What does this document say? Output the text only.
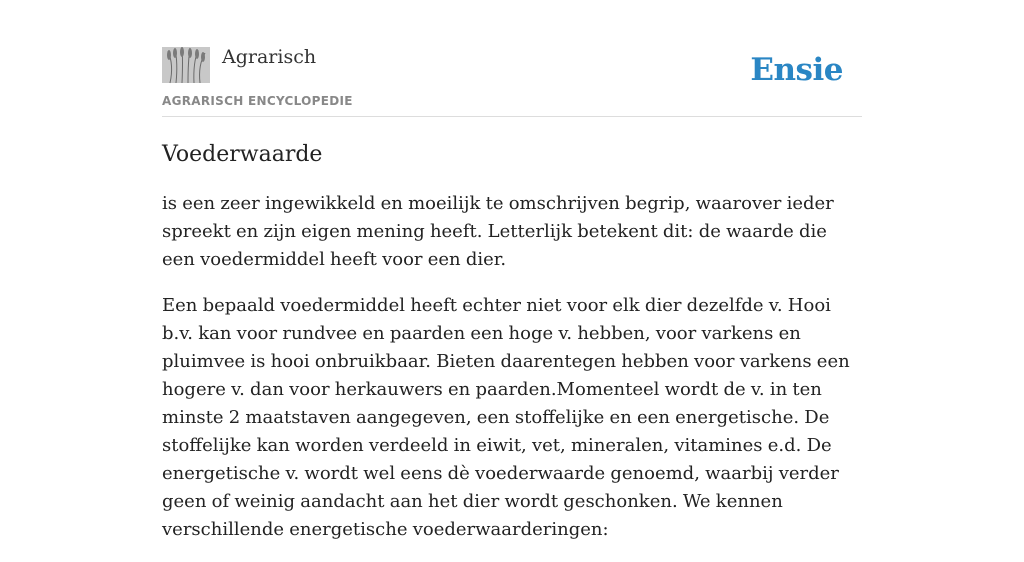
Agrarisch
AGRARISCH ENCYCLOPEDIE
Ensie
Voederwaarde

is een zeer ingewikkeld en moeilijk te omschrijven begrip, waarover ieder spreekt en zijn eigen mening heeft. Letterlijk betekent dit: de waarde die een voedermiddel heeft voor een dier.

Een bepaald voedermiddel heeft echter niet voor elk dier dezelfde v. Hooi b.v. kan voor rundvee en paarden een hoge v. hebben, voor varkens en pluimvee is hooi onbruikbaar. Bieten daarentegen hebben voor varkens een hogere v. dan voor herkauwers en paarden.Momenteel wordt de v. in ten minste 2 maatstaven aangegeven, een stoffelijke en een energetische. De stoffelijke kan worden verdeeld in eiwit, vet, mineralen, vitamines e.d. De energetische v. wordt wel eens dè voederwaarde genoemd, waarbij verder geen of weinig aandacht aan het dier wordt geschonken. We kennen verschillende energetische voederwaarderingen:
